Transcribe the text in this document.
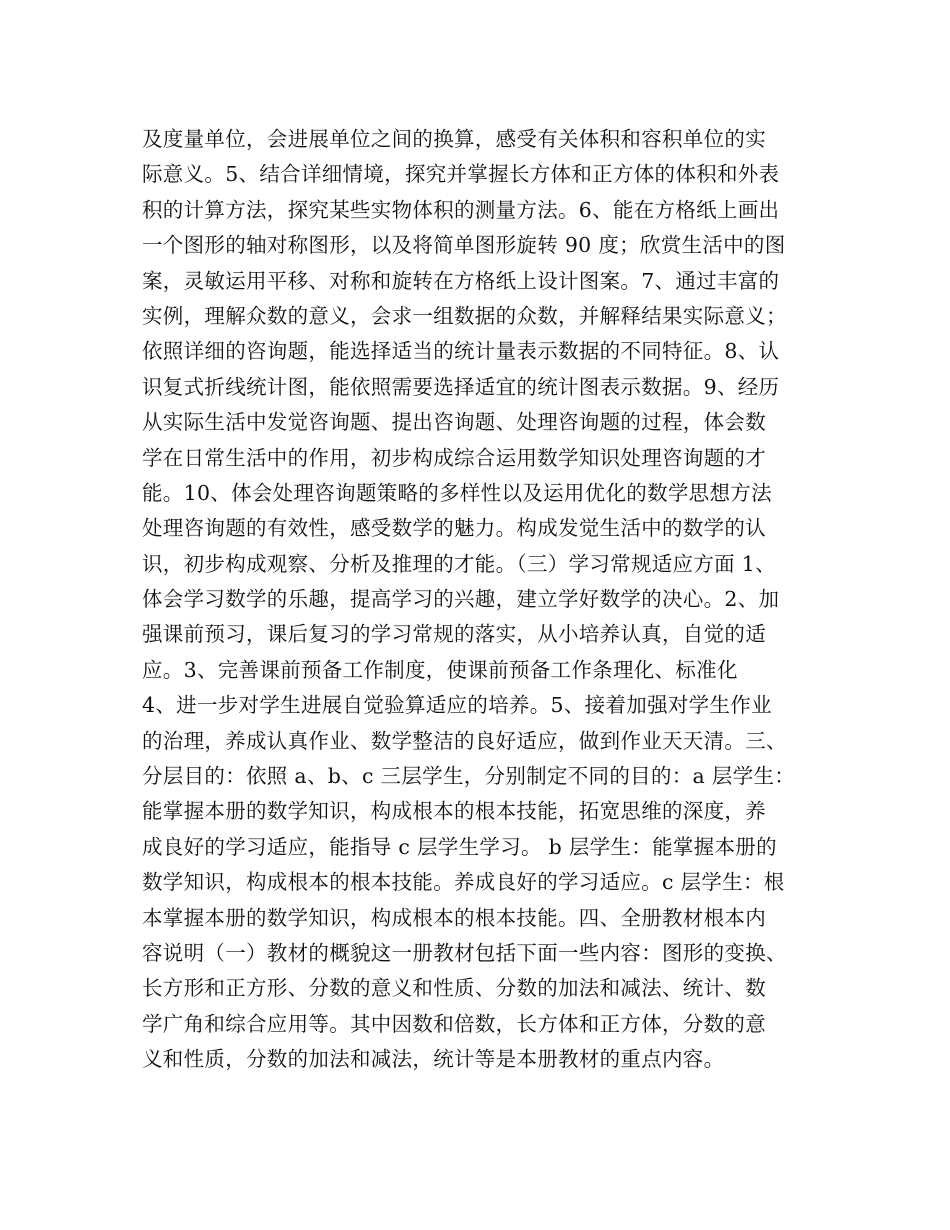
及度量单位，会进展单位之间的换算，感受有关体积和容积单位的实
际意义。5、结合详细情境，探究并掌握长方体和正方体的体积和外表
积的计算方法，探究某些实物体积的测量方法。6、能在方格纸上画出
一个图形的轴对称图形，以及将简单图形旋转 90 度；欣赏生活中的图
案，灵敏运用平移、对称和旋转在方格纸上设计图案。7、通过丰富的
实例，理解众数的意义，会求一组数据的众数，并解释结果实际意义；
依照详细的咨询题，能选择适当的统计量表示数据的不同特征。8、认
识复式折线统计图，能依照需要选择适宜的统计图表示数据。9、经历
从实际生活中发觉咨询题、提出咨询题、处理咨询题的过程，体会数
学在日常生活中的作用，初步构成综合运用数学知识处理咨询题的才
能。10、体会处理咨询题策略的多样性以及运用优化的数学思想方法
处理咨询题的有效性，感受数学的魅力。构成发觉生活中的数学的认
识，初步构成观察、分析及推理的才能。（三）学习常规适应方面 1、
体会学习数学的乐趣，提高学习的兴趣，建立学好数学的决心。2、加
强课前预习，课后复习的学习常规的落实，从小培养认真，自觉的适
应。3、完善课前预备工作制度，使课前预备工作条理化、标准化
4、进一步对学生进展自觉验算适应的培养。5、接着加强对学生作业
的治理，养成认真作业、数学整洁的良好适应，做到作业天天清。三、
分层目的：依照 a、b、c 三层学生，分别制定不同的目的：a 层学生：
能掌握本册的数学知识，构成根本的根本技能，拓宽思维的深度，养
成良好的学习适应，能指导 c 层学生学习。 b 层学生：能掌握本册的
数学知识，构成根本的根本技能。养成良好的学习适应。c 层学生：根
本掌握本册的数学知识，构成根本的根本技能。四、全册教材根本内
容说明（一）教材的概貌这一册教材包括下面一些内容：图形的变换、
长方形和正方形、分数的意义和性质、分数的加法和减法、统计、数
学广角和综合应用等。其中因数和倍数，长方体和正方体，分数的意
义和性质，分数的加法和减法，统计等是本册教材的重点内容。
